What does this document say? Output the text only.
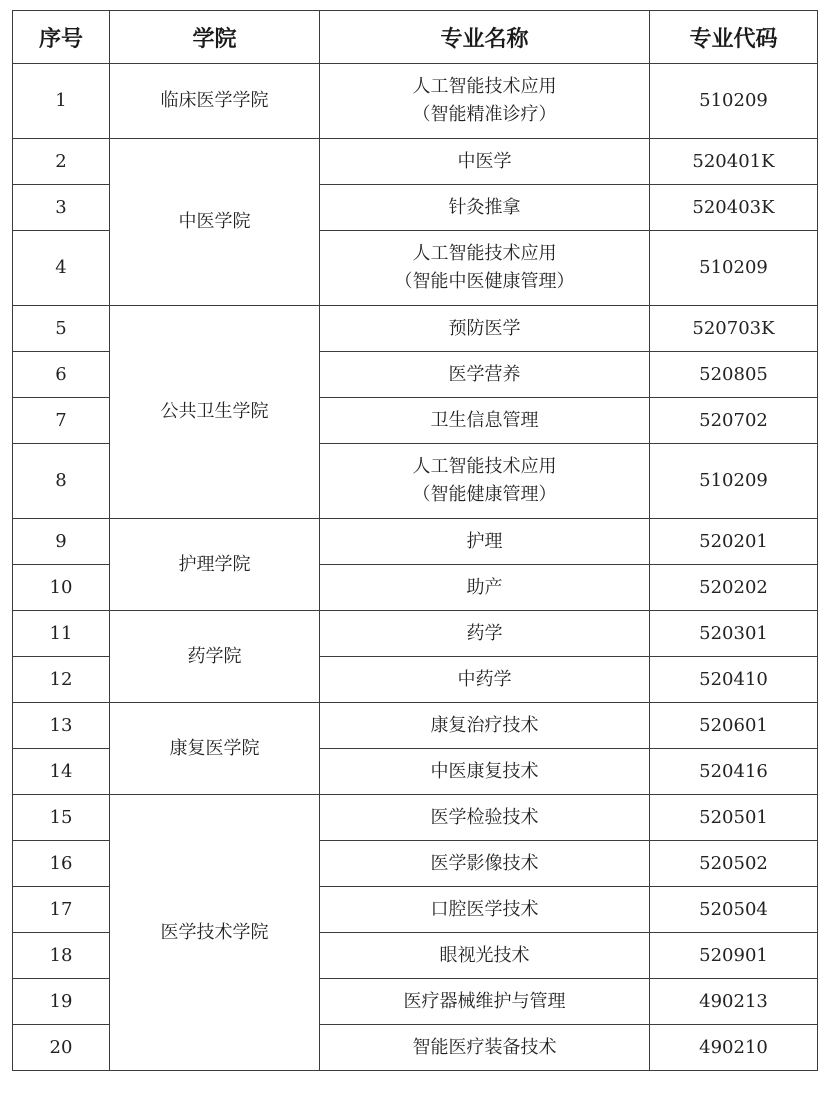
序号	学院	专业名称	专业代码
1	临床医学学院	人工智能技术应用
（智能精准诊疗）	510209
2	中医学院	中医学	520401K
3		针灸推拿	520403K
4		人工智能技术应用
（智能中医健康管理）	510209
5	公共卫生学院	预防医学	520703K
6		医学营养	520805
7		卫生信息管理	520702
8		人工智能技术应用
（智能健康管理）	510209
9	护理学院	护理	520201
10		助产	520202
11	药学院	药学	520301
12		中药学	520410
13	康复医学院	康复治疗技术	520601
14		中医康复技术	520416
15	医学技术学院	医学检验技术	520501
16		医学影像技术	520502
17		口腔医学技术	520504
18		眼视光技术	520901
19		医疗器械维护与管理	490213
20		智能医疗装备技术	490210
